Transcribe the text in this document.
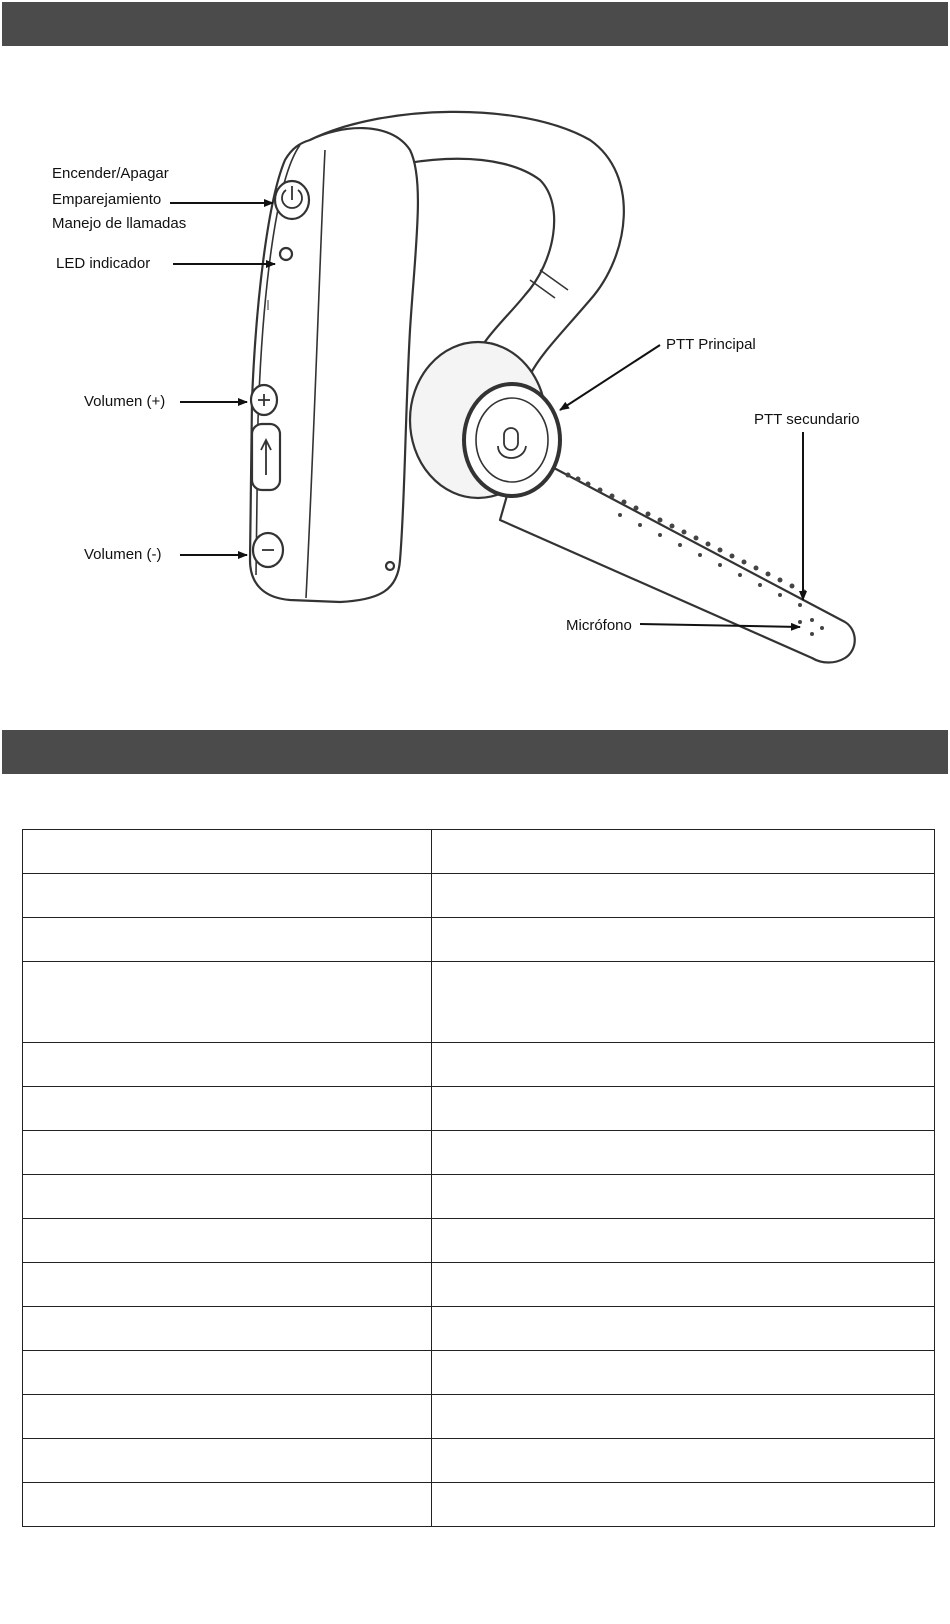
Encender/Apagar
Emparejamiento
Manejo de llamadas
LED indicador
Volumen (+)
Volumen (-)
PTT Principal
PTT secundario
Micrófono
